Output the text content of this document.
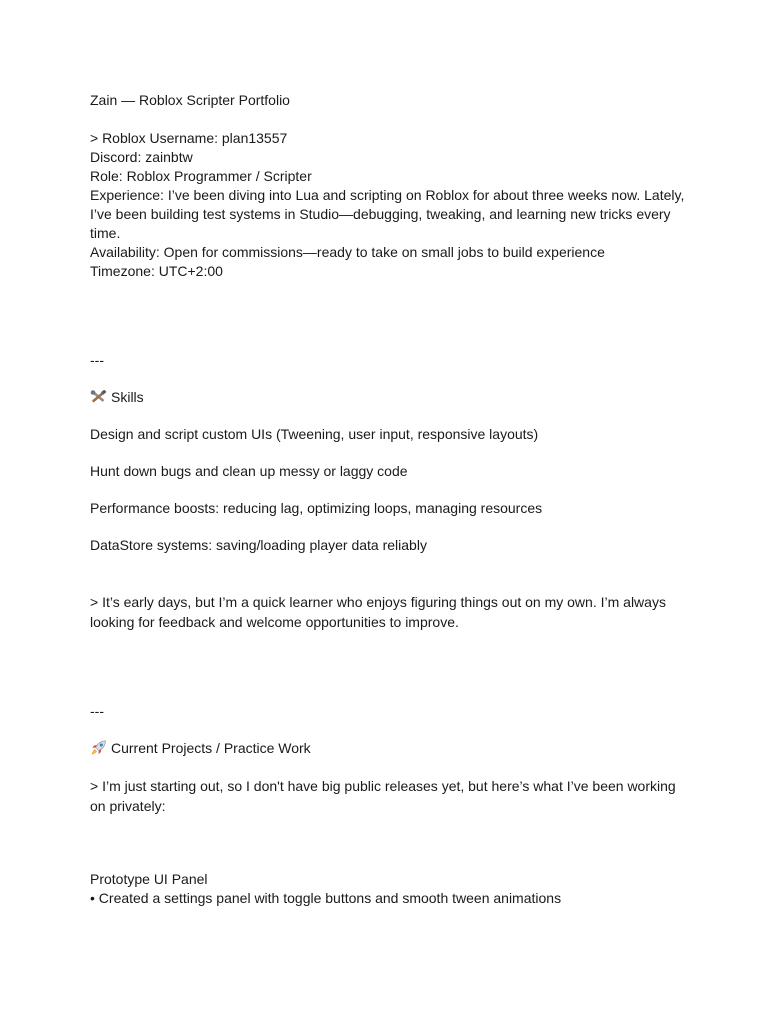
Zain — Roblox Scripter Portfolio

> Roblox Username: plan13557

Discord: zainbtw

Role: Roblox Programmer / Scripter

Experience: I’ve been diving into Lua and scripting on Roblox for about three weeks now. Lately, I’ve been building test systems in Studio—debugging, tweaking, and learning new tricks every time.

Availability: Open for commissions—ready to take on small jobs to build experience

Timezone: UTC+2:00

---

Skills

Design and script custom UIs (Tweening, user input, responsive layouts)

Hunt down bugs and clean up messy or laggy code

Performance boosts: reducing lag, optimizing loops, managing resources

DataStore systems: saving/loading player data reliably

> It’s early days, but I’m a quick learner who enjoys figuring things out on my own. I’m always looking for feedback and welcome opportunities to improve.

---

Current Projects / Practice Work

> I’m just starting out, so I don't have big public releases yet, but here’s what I’ve been working on privately:

Prototype UI Panel

• Created a settings panel with toggle buttons and smooth tween animations
